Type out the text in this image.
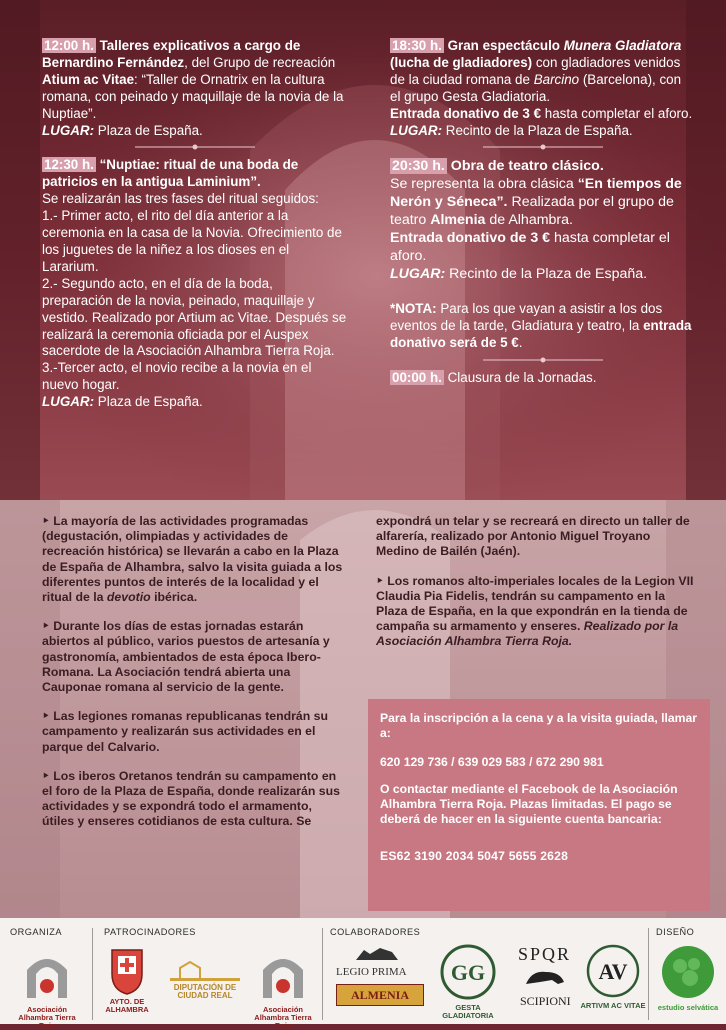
12:00 h. Talleres explicativos a cargo de Bernardino Fernández, del Grupo de recreación Atium ac Vitae: “Taller de Ornatrix en la cultura romana, con peinado y maquillaje de la novia de la Nuptiae”.
LUGAR: Plaza de España.

12:30 h. “Nuptiae: ritual de una boda de patricios en la antigua Laminium”.
Se realizarán las tres fases del ritual seguidos:
1.- Primer acto, el rito del día anterior a la ceremonia en la casa de la Novia. Ofrecimiento de los juguetes de la niñez a los dioses en el Lararium.
2.- Segundo acto, en el día de la boda, preparación de la novia, peinado, maquillaje y vestido. Realizado por Artium ac Vitae. Después se realizará la ceremonia oficiada por el Auspex sacerdote de la Asociación Alhambra Tierra Roja.
3.-Tercer acto, el novio recibe a la novia en el nuevo hogar.
LUGAR: Plaza de España.

18:30 h. Gran espectáculo Munera Gladiatora (lucha de gladiadores) con gladiadores venidos de la ciudad romana de Barcino (Barcelona), con el grupo Gesta Gladiatoria.
Entrada donativo de 3 € hasta completar el aforo.
LUGAR: Recinto de la Plaza de España.

20:30 h. Obra de teatro clásico.
Se representa la obra clásica “En tiempos de Nerón y Séneca”. Realizada por el grupo de teatro Almenia de Alhambra.
Entrada donativo de 3 € hasta completar el aforo.
LUGAR: Recinto de la Plaza de España.

*NOTA: Para los que vayan a asistir a los dos eventos de la tarde, Gladiatura y teatro, la entrada donativo será de 5 €.

00:00 h. Clausura de la Jornadas.

‣ La mayoría de las actividades programadas (degustación, olimpiadas y actividades de recreación histórica) se llevarán a cabo en la Plaza de España de Alhambra, salvo la visita guiada a los diferentes puntos de interés de la localidad y el ritual de la devotio ibérica.

‣ Durante los días de estas jornadas estarán abiertos al público, varios puestos de artesanía y gastronomía, ambientados de esta época Ibero-Romana. La Asociación tendrá abierta una Cauponae romana al servicio de la gente.

‣ Las legiones romanas republicanas tendrán su campamento y realizarán sus actividades en el parque del Calvario.

‣ Los iberos Oretanos tendrán su campamento en el foro de la Plaza de España, donde realizarán sus actividades y se expondrá todo el armamento, útiles y enseres cotidianos de esta cultura. Se

expondrá un telar y se recreará en directo un taller de alfarería, realizado por Antonio Miguel Troyano Medino de Bailén (Jaén).

‣ Los romanos alto-imperiales locales de la Legion VII Claudia Pia Fidelis, tendrán su campamento en la Plaza de España, en la que expondrán en la tienda de campaña su armamento y enseres. Realizado por la Asociación Alhambra Tierra Roja.

Para la inscripción a la cena y a la visita guiada, llamar a:

620 129 736 / 639 029 583 / 672 290 981

O contactar mediante el Facebook de la Asociación Alhambra Tierra Roja. Plazas limitadas. El pago se deberá de hacer en la siguiente cuenta bancaria:

ES62 3190 2034 5047 5655 2628

ORGANIZA	PATROCINADORES	COLABORADORES	DISEÑO
Asociación Alhambra Tierra Roja
AYTO. DE ALHAMBRA
DIPUTACIÓN DE CIUDAD REAL
Asociación Alhambra Tierra Roja
LEGIO PRIMA
ALMENIA
GG
GESTA GLADIATORIA
SPQR
SCIPIONI
AV
ARTIVM AC VITAE	estudio selvática
